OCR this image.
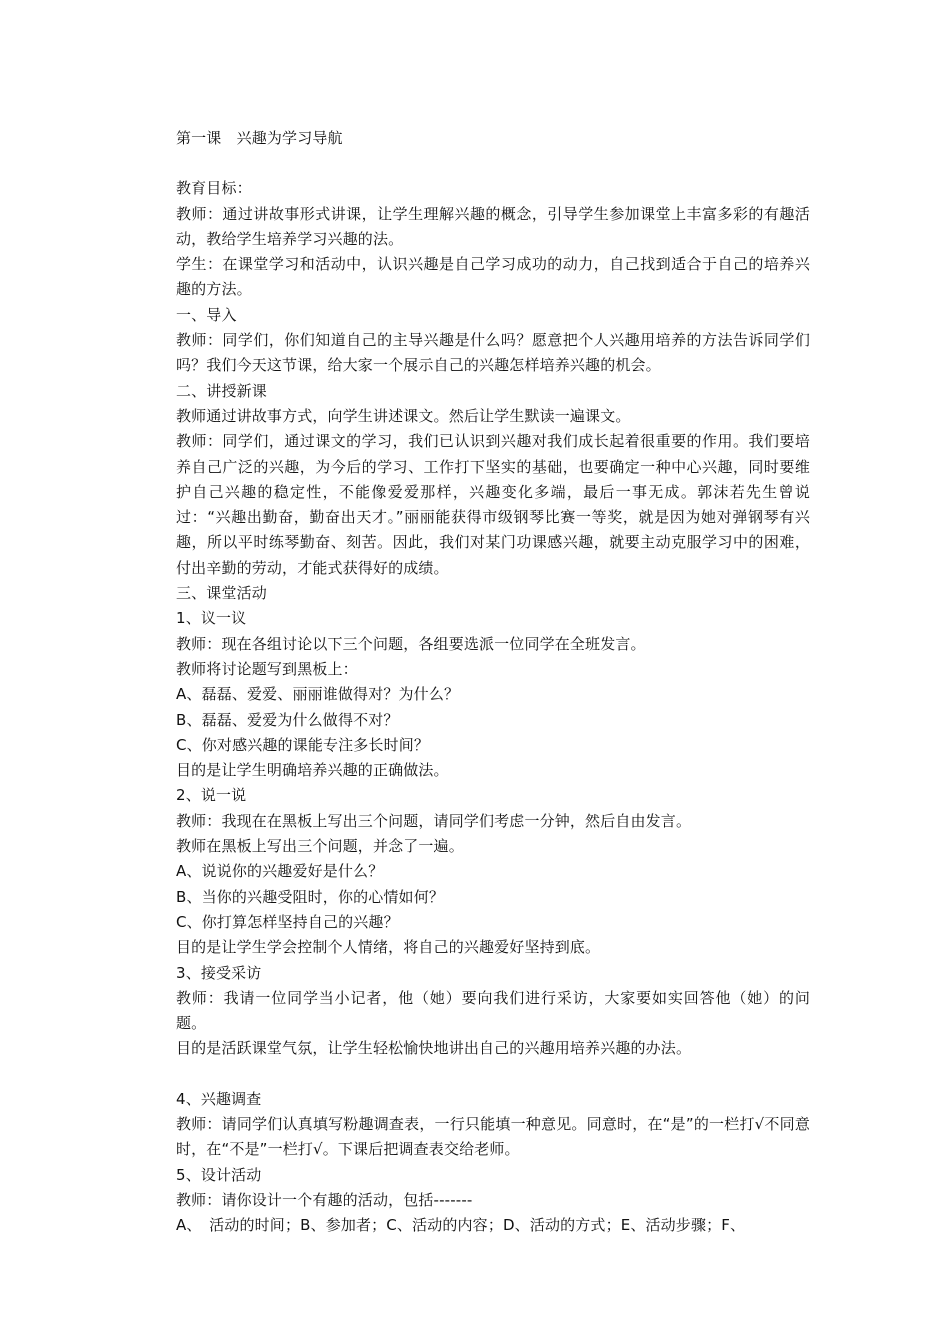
第一课　兴趣为学习导航

教育目标：

教师：通过讲故事形式讲课，让学生理解兴趣的概念，引导学生参加课堂上丰富多彩的有趣活动，教给学生培养学习兴趣的法。

学生：在课堂学习和活动中，认识兴趣是自己学习成功的动力，自己找到适合于自己的培养兴趣的方法。

一、导入

教师：同学们，你们知道自己的主导兴趣是什么吗？愿意把个人兴趣用培养的方法告诉同学们吗？我们今天这节课，给大家一个展示自己的兴趣怎样培养兴趣的机会。

二、讲授新课

教师通过讲故事方式，向学生讲述课文。然后让学生默读一遍课文。

教师：同学们，通过课文的学习，我们已认识到兴趣对我们成长起着很重要的作用。我们要培养自己广泛的兴趣，为今后的学习、工作打下坚实的基础，也要确定一种中心兴趣，同时要维护自己兴趣的稳定性，不能像爱爱那样，兴趣变化多端，最后一事无成。郭沫若先生曾说过：“兴趣出勤奋，勤奋出天才。”丽丽能获得市级钢琴比赛一等奖，就是因为她对弹钢琴有兴趣，所以平时练琴勤奋、刻苦。因此，我们对某门功课感兴趣，就要主动克服学习中的困难，付出辛勤的劳动，才能式获得好的成绩。

三、课堂活动

1、议一议

教师：现在各组讨论以下三个问题，各组要选派一位同学在全班发言。

教师将讨论题写到黑板上：

A、磊磊、爱爱、丽丽谁做得对？为什么？

B、磊磊、爱爱为什么做得不对？

C、你对感兴趣的课能专注多长时间？

目的是让学生明确培养兴趣的正确做法。

2、说一说

教师：我现在在黑板上写出三个问题，请同学们考虑一分钟，然后自由发言。

教师在黑板上写出三个问题，并念了一遍。

A、说说你的兴趣爱好是什么？

B、当你的兴趣受阻时，你的心情如何？

C、你打算怎样坚持自己的兴趣？

目的是让学生学会控制个人情绪，将自己的兴趣爱好坚持到底。

3、接受采访

教师：我请一位同学当小记者，他（她）要向我们进行采访，大家要如实回答他（她）的问题。

目的是活跃课堂气氛，让学生轻松愉快地讲出自己的兴趣用培养兴趣的办法。

4、兴趣调查

教师：请同学们认真填写粉趣调查表，一行只能填一种意见。同意时，在“是”的一栏打√不同意时，在“不是”一栏打√。下课后把调查表交给老师。

5、设计活动

教师：请你设计一个有趣的活动，包括-------

A、　活动的时间；B、参加者；C、活动的内容；D、活动的方式；E、活动步骤；F、
